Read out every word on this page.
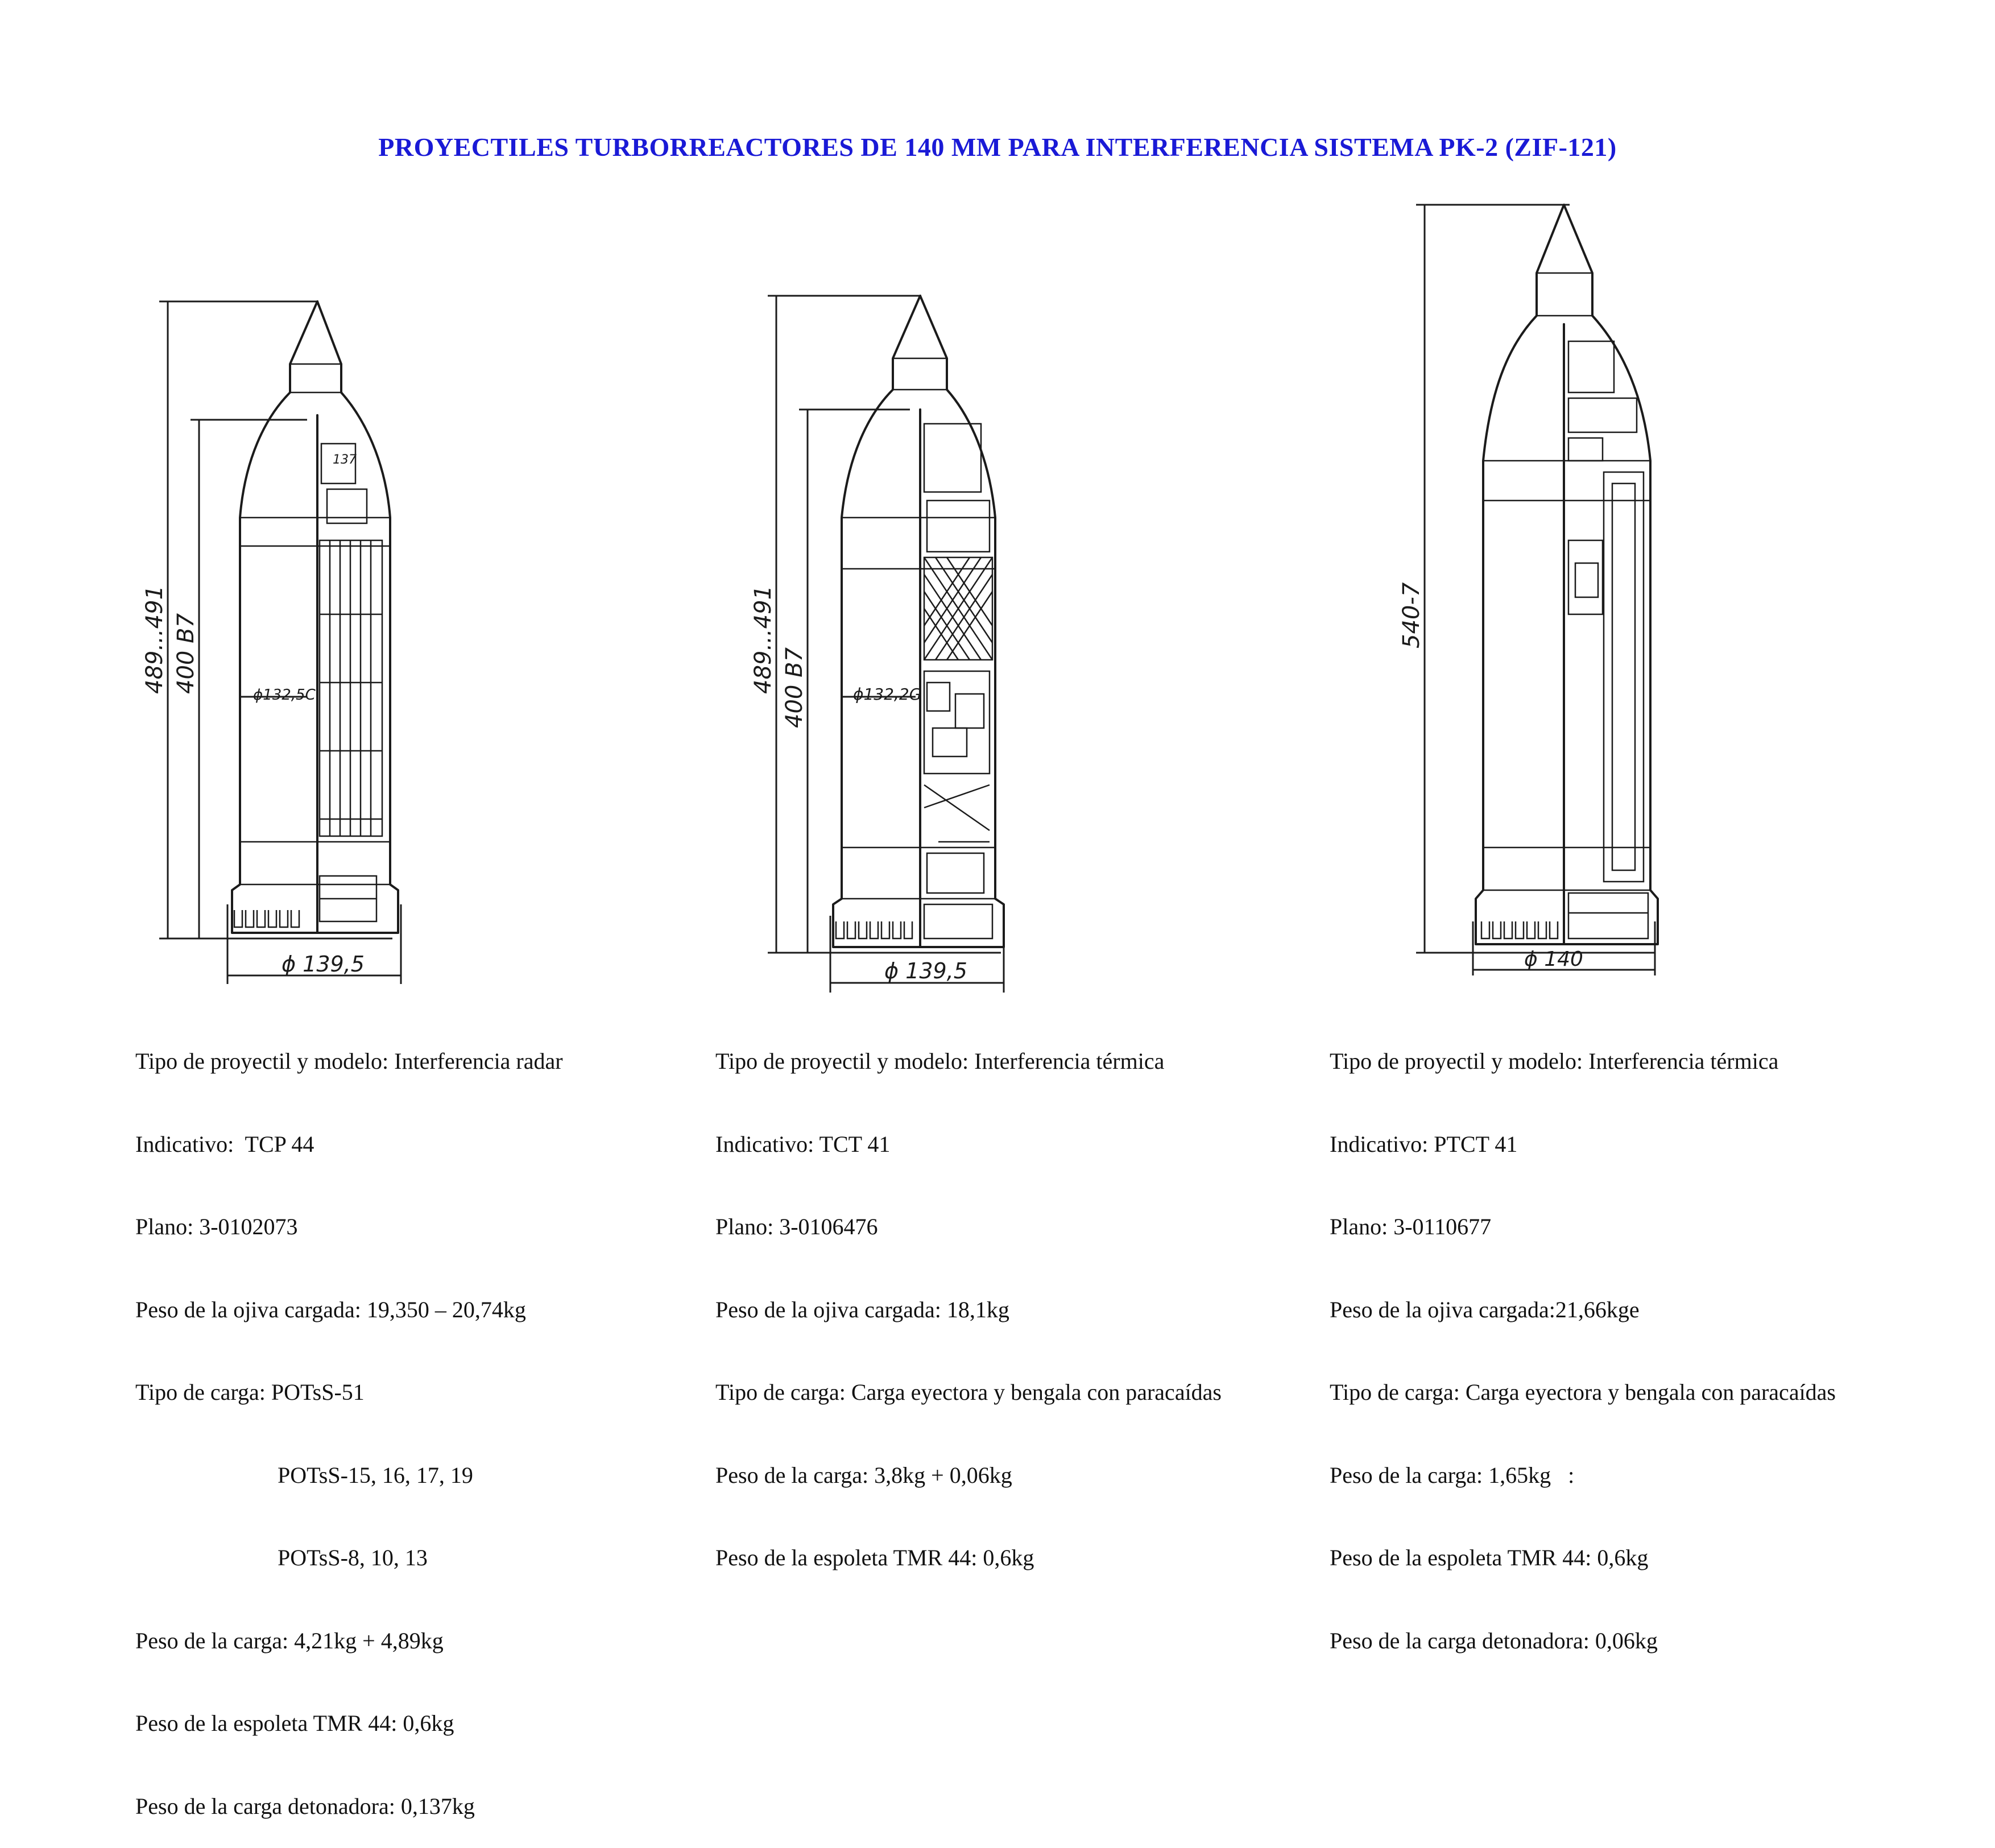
PROYECTILES TURBORREACTORES DE 140 MM PARA INTERFERENCIA SISTEMA PK-2 (ZIF-121)
489...491 400 B7
ϕ132,5С
ϕ 139,5
137
489...491 400 B7	ϕ132,2G
ϕ 139,5
540-7
ϕ 140

Tipo de proyectil y modelo: Interferencia radar

Indicativo:  TCP 44

Plano: 3-0102073

Peso de la ojiva cargada: 19,350 – 20,74kg

Tipo de carga: POTsS-51

POTsS-15, 16, 17, 19

POTsS-8, 10, 13

Peso de la carga: 4,21kg + 4,89kg

Peso de la espoleta TMR 44: 0,6kg

Peso de la carga detonadora: 0,137kg

Tipo de proyectil y modelo: Interferencia térmica

Indicativo: TCT 41

Plano: 3-0106476

Peso de la ojiva cargada: 18,1kg

Tipo de carga: Carga eyectora y bengala con paracaídas

Peso de la carga: 3,8kg + 0,06kg

Peso de la espoleta TMR 44: 0,6kg

Tipo de proyectil y modelo: Interferencia térmica

Indicativo: PTCT 41

Plano: 3-0110677

Peso de la ojiva cargada:21,66kge

Tipo de carga: Carga eyectora y bengala con paracaídas

Peso de la carga: 1,65kg   :

Peso de la espoleta TMR 44: 0,6kg

Peso de la carga detonadora: 0,06kg
